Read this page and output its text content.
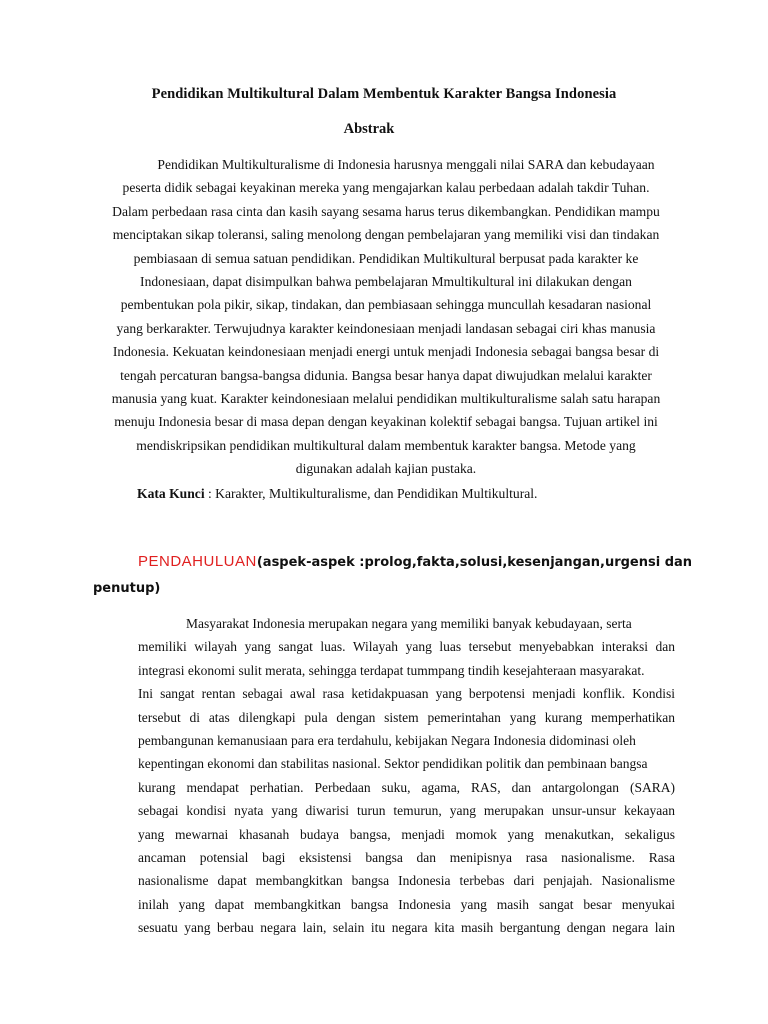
Pendidikan Multikultural Dalam Membentuk Karakter Bangsa Indonesia
Abstrak
Pendidikan Multikulturalisme di Indonesia harusnya menggali nilai SARA dan kebudayaan
peserta didik sebagai keyakinan mereka yang mengajarkan kalau perbedaan adalah takdir Tuhan.
Dalam perbedaan rasa cinta dan kasih sayang sesama harus terus dikembangkan. Pendidikan mampu
menciptakan sikap toleransi, saling menolong dengan pembelajaran yang memiliki visi dan tindakan
pembiasaan di semua satuan pendidikan. Pendidikan Multikultural berpusat pada karakter ke
Indonesiaan, dapat disimpulkan bahwa pembelajaran Mmultikultural ini dilakukan dengan
pembentukan pola pikir, sikap, tindakan, dan pembiasaan sehingga muncullah kesadaran nasional
yang berkarakter. Terwujudnya karakter keindonesiaan menjadi landasan sebagai ciri khas manusia
Indonesia. Kekuatan keindonesiaan menjadi energi untuk menjadi Indonesia sebagai bangsa besar di
tengah percaturan bangsa-bangsa didunia. Bangsa besar hanya dapat diwujudkan melalui karakter
manusia yang kuat. Karakter keindonesiaan melalui pendidikan multikulturalisme salah satu harapan
menuju Indonesia besar di masa depan dengan keyakinan kolektif sebagai bangsa. Tujuan artikel ini
mendiskripsikan pendidikan multikultural dalam membentuk karakter bangsa. Metode yang
digunakan adalah kajian pustaka.
Kata Kunci : Karakter, Multikulturalisme, dan Pendidikan Multikultural.
PENDAHULUAN(aspek-aspek :prolog,fakta,solusi,kesenjangan,urgensi dan
penutup)
Masyarakat Indonesia merupakan negara yang memiliki banyak kebudayaan, serta
memiliki wilayah yang sangat luas. Wilayah yang luas tersebut menyebabkan interaksi dan
integrasi ekonomi sulit merata, sehingga terdapat tummpang tindih kesejahteraan masyarakat.
Ini sangat rentan sebagai awal rasa ketidakpuasan yang berpotensi menjadi konflik. Kondisi
tersebut di atas dilengkapi pula dengan sistem pemerintahan yang kurang memperhatikan
pembangunan kemanusiaan para era terdahulu, kebijakan Negara Indonesia didominasi oleh
kepentingan ekonomi dan stabilitas nasional. Sektor pendidikan politik dan pembinaan bangsa
kurang mendapat perhatian. Perbedaan suku, agama, RAS, dan antargolongan (SARA)
sebagai kondisi nyata yang diwarisi turun temurun, yang merupakan unsur-unsur kekayaan
yang mewarnai khasanah budaya bangsa, menjadi momok yang menakutkan, sekaligus
ancaman potensial bagi eksistensi bangsa dan menipisnya rasa nasionalisme. Rasa
nasionalisme dapat membangkitkan bangsa Indonesia terbebas dari penjajah. Nasionalisme
inilah yang dapat membangkitkan bangsa Indonesia yang masih sangat besar menyukai
sesuatu yang berbau negara lain, selain itu negara kita masih bergantung dengan negara lain
